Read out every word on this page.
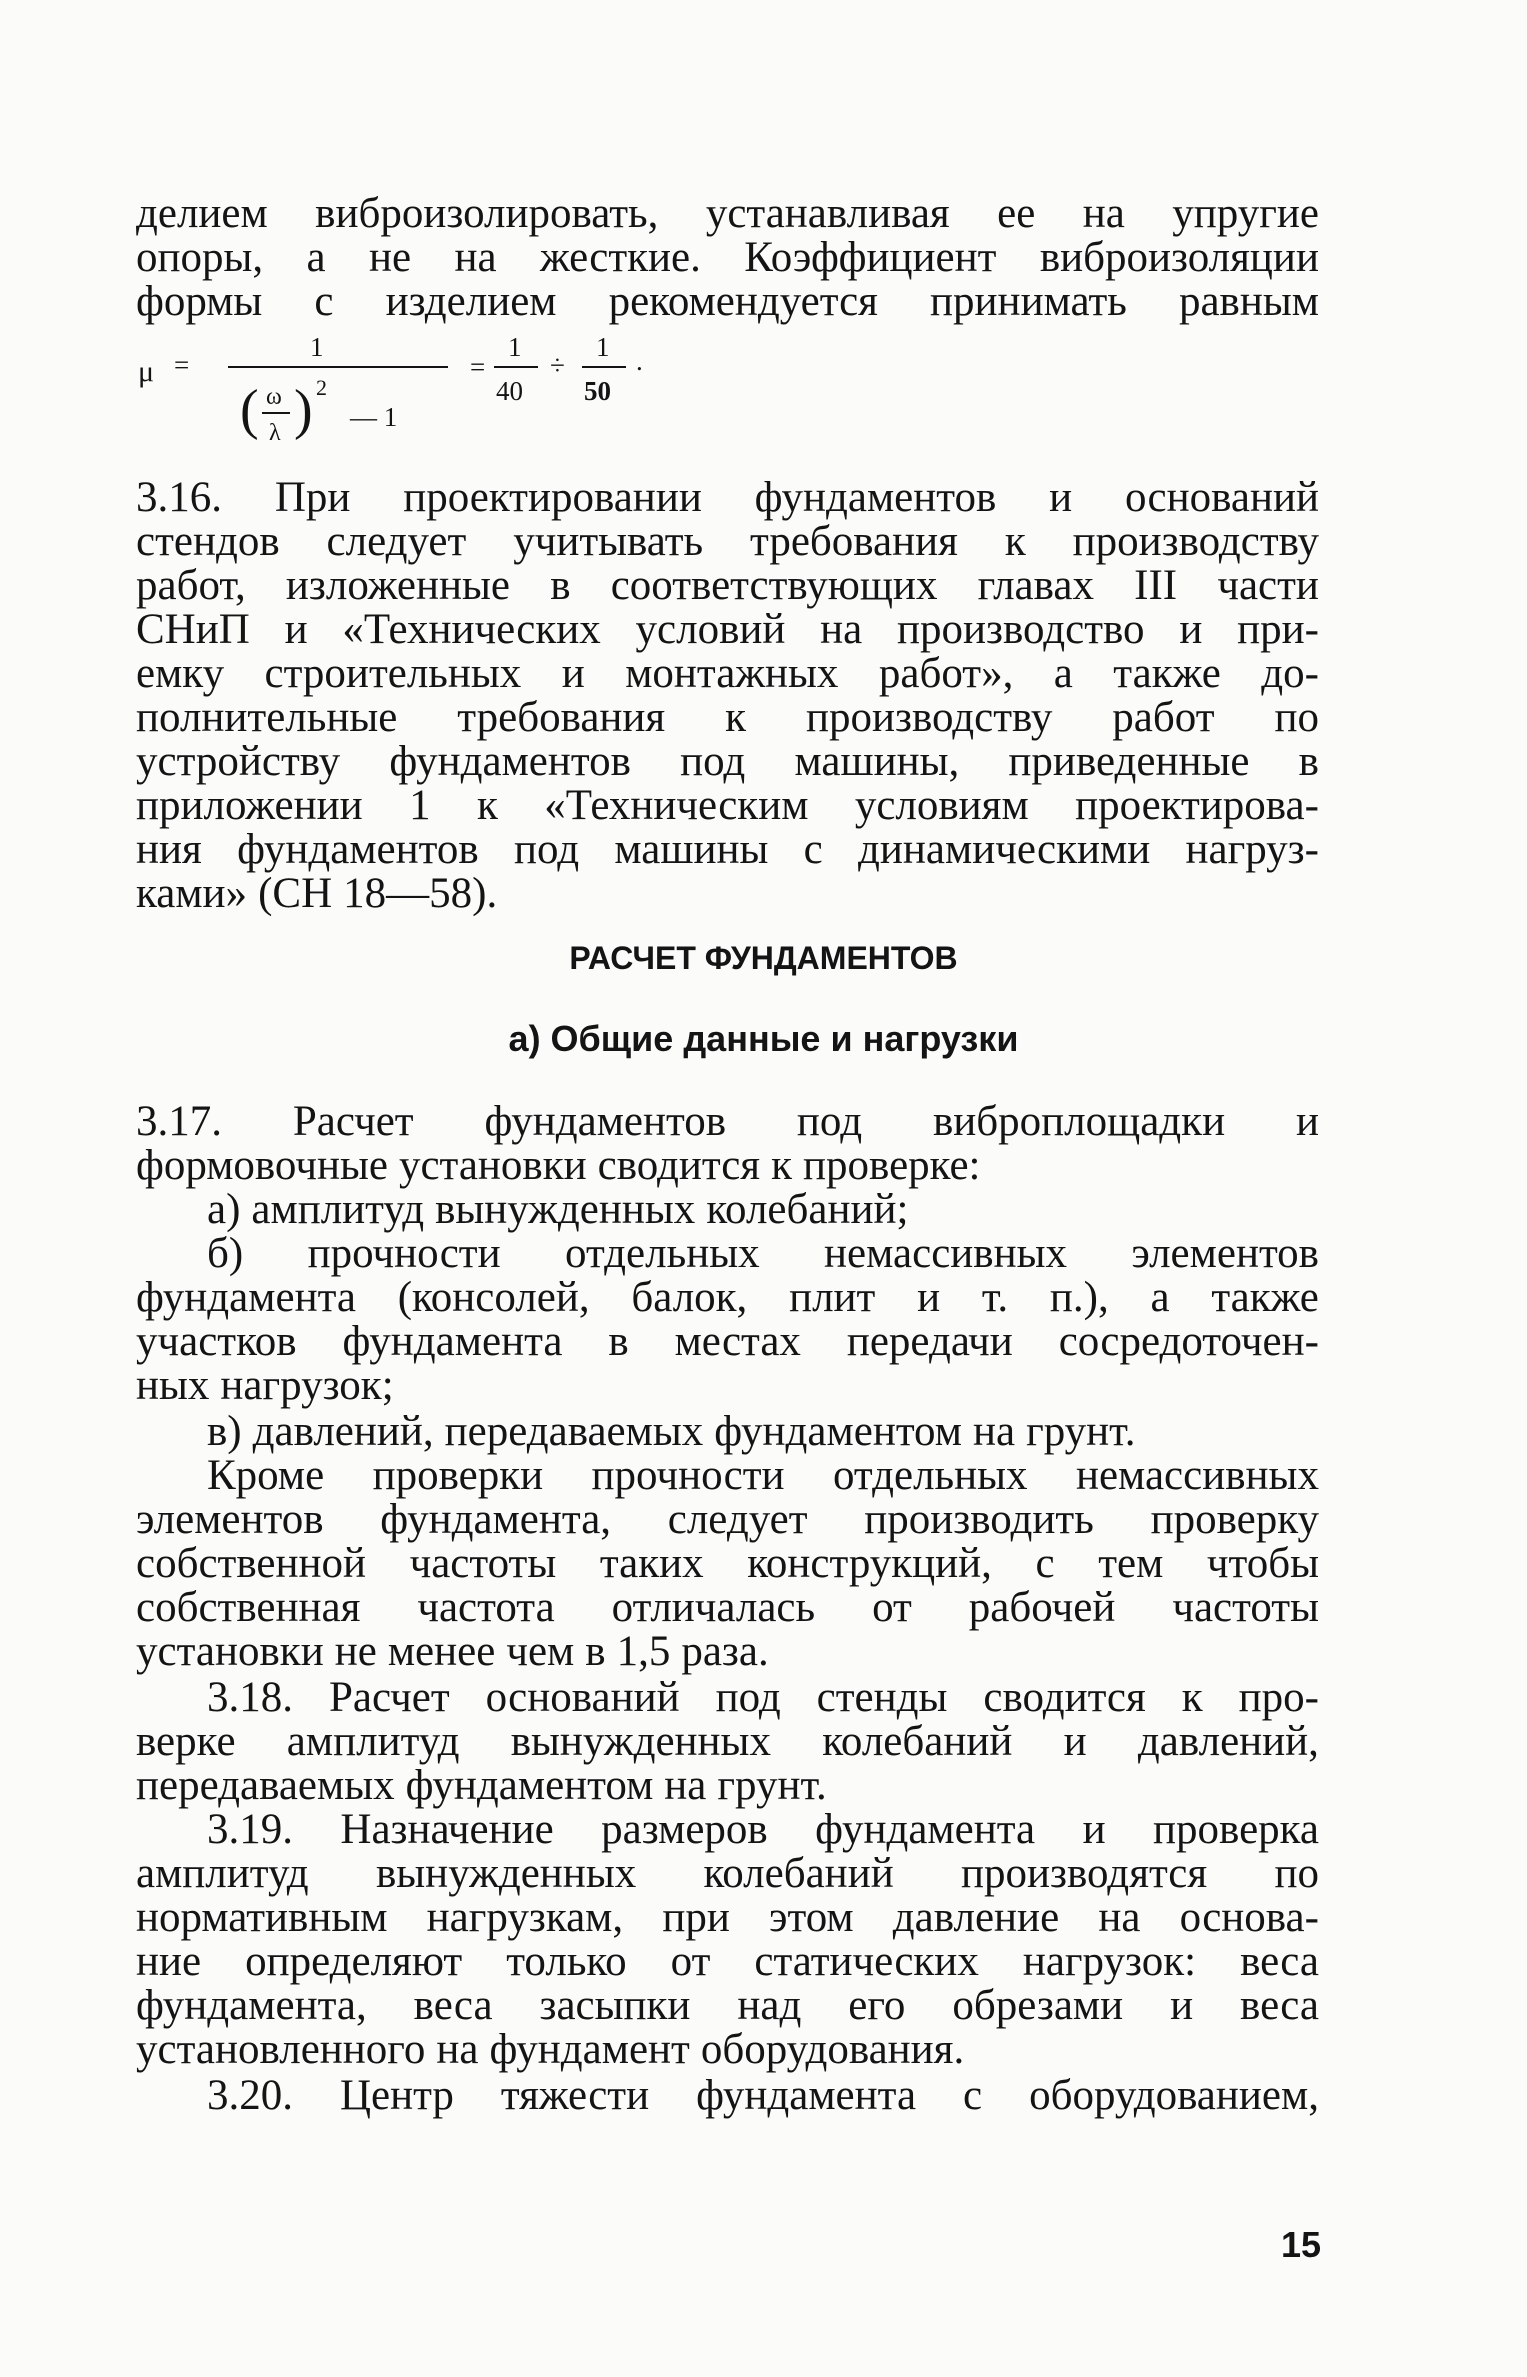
делием виброизолировать, устанавливая ее на упругие
опоры, а не на жесткие. Коэффициент виброизоляции
формы с изделием рекомендуется принимать равным
3.16. При проектировании фундаментов и оснований
стендов следует учитывать требования к производству
работ, изложенные в соответствующих главах III части
СНиП и «Технических условий на производство и при-
емку строительных и монтажных работ», а также до-
полнительные требования к производству работ по
устройству фундаментов под машины, приведенные в
приложении 1 к «Техническим условиям проектирова-
ния фундаментов под машины с динамическими нагруз-
ками» (СН 18—58).
3.17. Расчет фундаментов под виброплощадки и
формовочные установки сводится к проверке:
а) амплитуд вынужденных колебаний;
б) прочности отдельных немассивных элементов
фундамента (консолей, балок, плит и т. п.), а также
участков фундамента в местах передачи сосредоточен-
ных нагрузок;
в) давлений, передаваемых фундаментом на грунт.
Кроме проверки прочности отдельных немассивных
элементов фундамента, следует производить проверку
собственной частоты таких конструкций, с тем чтобы
собственная частота отличалась от рабочей частоты
установки не менее чем в 1,5 раза.
3.18. Расчет оснований под стенды сводится к про-
верке амплитуд вынужденных колебаний и давлений,
передаваемых фундаментом на грунт.
3.19. Назначение размеров фундамента и проверка
амплитуд вынужденных колебаний производятся по
нормативным нагрузкам, при этом давление на основа-
ние определяют только от статических нагрузок: веса
фундамента, веса засыпки над его обрезами и веса
установленного на фундамент оборудования.
3.20. Центр тяжести фундамента с оборудованием,
μ =
1
( ω
λ ) 2
— 1
=
1
40
÷
1
50
.
РАСЧЕТ ФУНДАМЕНТОВ
а) Общие данные и нагрузки
15
